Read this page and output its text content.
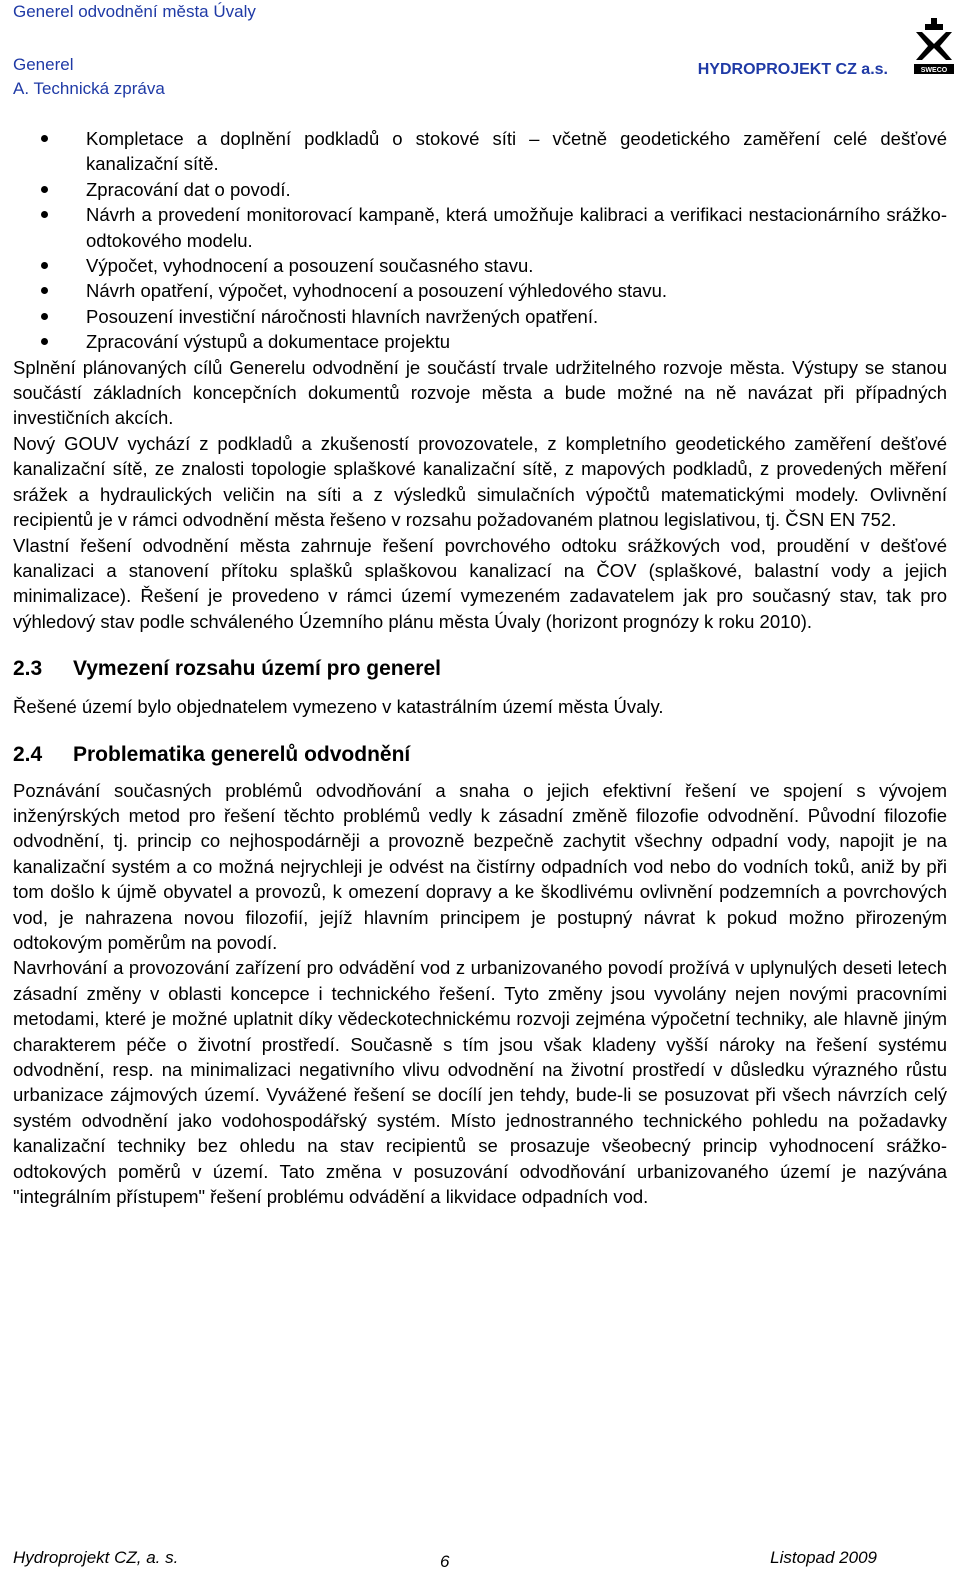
Generel odvodnění města Úvaly
Generel
A. Technická zpráva
HYDROPROJEKT CZ a.s.	SWECO
Kompletace a doplnění podkladů o stokové síti – včetně geodetického zaměření celé dešťové kanalizační sítě.
Zpracování dat o povodí.
Návrh a provedení monitorovací kampaně, která umožňuje kalibraci a verifikaci nestacionárního srážko-odtokového modelu.
Výpočet, vyhodnocení a posouzení současného stavu.
Návrh opatření, výpočet, vyhodnocení a posouzení výhledového stavu.
Posouzení investiční náročnosti hlavních navržených opatření.
Zpracování výstupů a dokumentace projektu

Splnění plánovaných cílů Generelu odvodnění je součástí trvale udržitelného rozvoje města. Výstupy se stanou součástí základních koncepčních dokumentů rozvoje města a bude možné na ně navázat při případných investičních akcích.

Nový GOUV vychází z podkladů a zkušeností provozovatele, z kompletního geodetického zaměření dešťové kanalizační sítě, ze znalosti topologie splaškové kanalizační sítě, z mapových podkladů, z provedených měření srážek a hydraulických veličin na síti a z výsledků simulačních výpočtů matematickými modely. Ovlivnění recipientů je v rámci odvodnění města řešeno v rozsahu požadovaném platnou legislativou, tj. ČSN EN 752.

Vlastní řešení odvodnění města zahrnuje řešení povrchového odtoku srážkových vod, proudění v dešťové kanalizaci a stanovení přítoku splašků splaškovou kanalizací na ČOV (splaškové, balastní vody a jejich minimalizace). Řešení je provedeno v rámci území vymezeném zadavatelem jak pro současný stav, tak pro výhledový stav podle schváleného Územního plánu města Úvaly (horizont prognózy k roku 2010).

2.3	Vymezení rozsahu území pro generel

Řešené území bylo objednatelem vymezeno v katastrálním území města Úvaly.

2.4	Problematika generelů odvodnění

Poznávání současných problémů odvodňování a snaha o jejich efektivní řešení ve spojení s vývojem inženýrských metod pro řešení těchto problémů vedly k zásadní změně filozofie odvodnění. Původní filozofie odvodnění, tj. princip co nejhospodárněji a provozně bezpečně zachytit všechny odpadní vody, napojit je na kanalizační systém a co možná nejrychleji je odvést na čistírny odpadních vod nebo do vodních toků, aniž by při tom došlo k újmě obyvatel a provozů, k omezení dopravy a ke škodlivému ovlivnění podzemních a povrchových vod, je nahrazena novou filozofií, jejíž hlavním principem je postupný návrat k pokud možno přirozeným odtokovým poměrům na povodí.

Navrhování a provozování zařízení pro odvádění vod z urbanizovaného povodí prožívá v uplynulých deseti letech zásadní změny v oblasti koncepce i technického řešení. Tyto změny jsou vyvolány nejen novými pracovními metodami, které je možné uplatnit díky vědeckotechnickému rozvoji zejména výpočetní techniky, ale hlavně jiným charakterem péče o životní prostředí. Současně s tím jsou však kladeny vyšší nároky na řešení systému odvodnění, resp. na minimalizaci negativního vlivu odvodnění na životní prostředí v důsledku výrazného růstu urbanizace zájmových území. Vyvážené řešení se docílí jen tehdy, bude-li se posuzovat při všech návrzích celý systém odvodnění jako vodohospodářský systém. Místo jednostranného technického pohledu na požadavky kanalizační techniky bez ohledu na stav recipientů se prosazuje všeobecný princip vyhodnocení srážko-odtokových poměrů v území. Tato změna v posuzování odvodňování urbanizovaného území je nazývána "integrálním přístupem" řešení problému odvádění a likvidace odpadních vod.

Hydroprojekt CZ, a. s.	6	Listopad 2009
